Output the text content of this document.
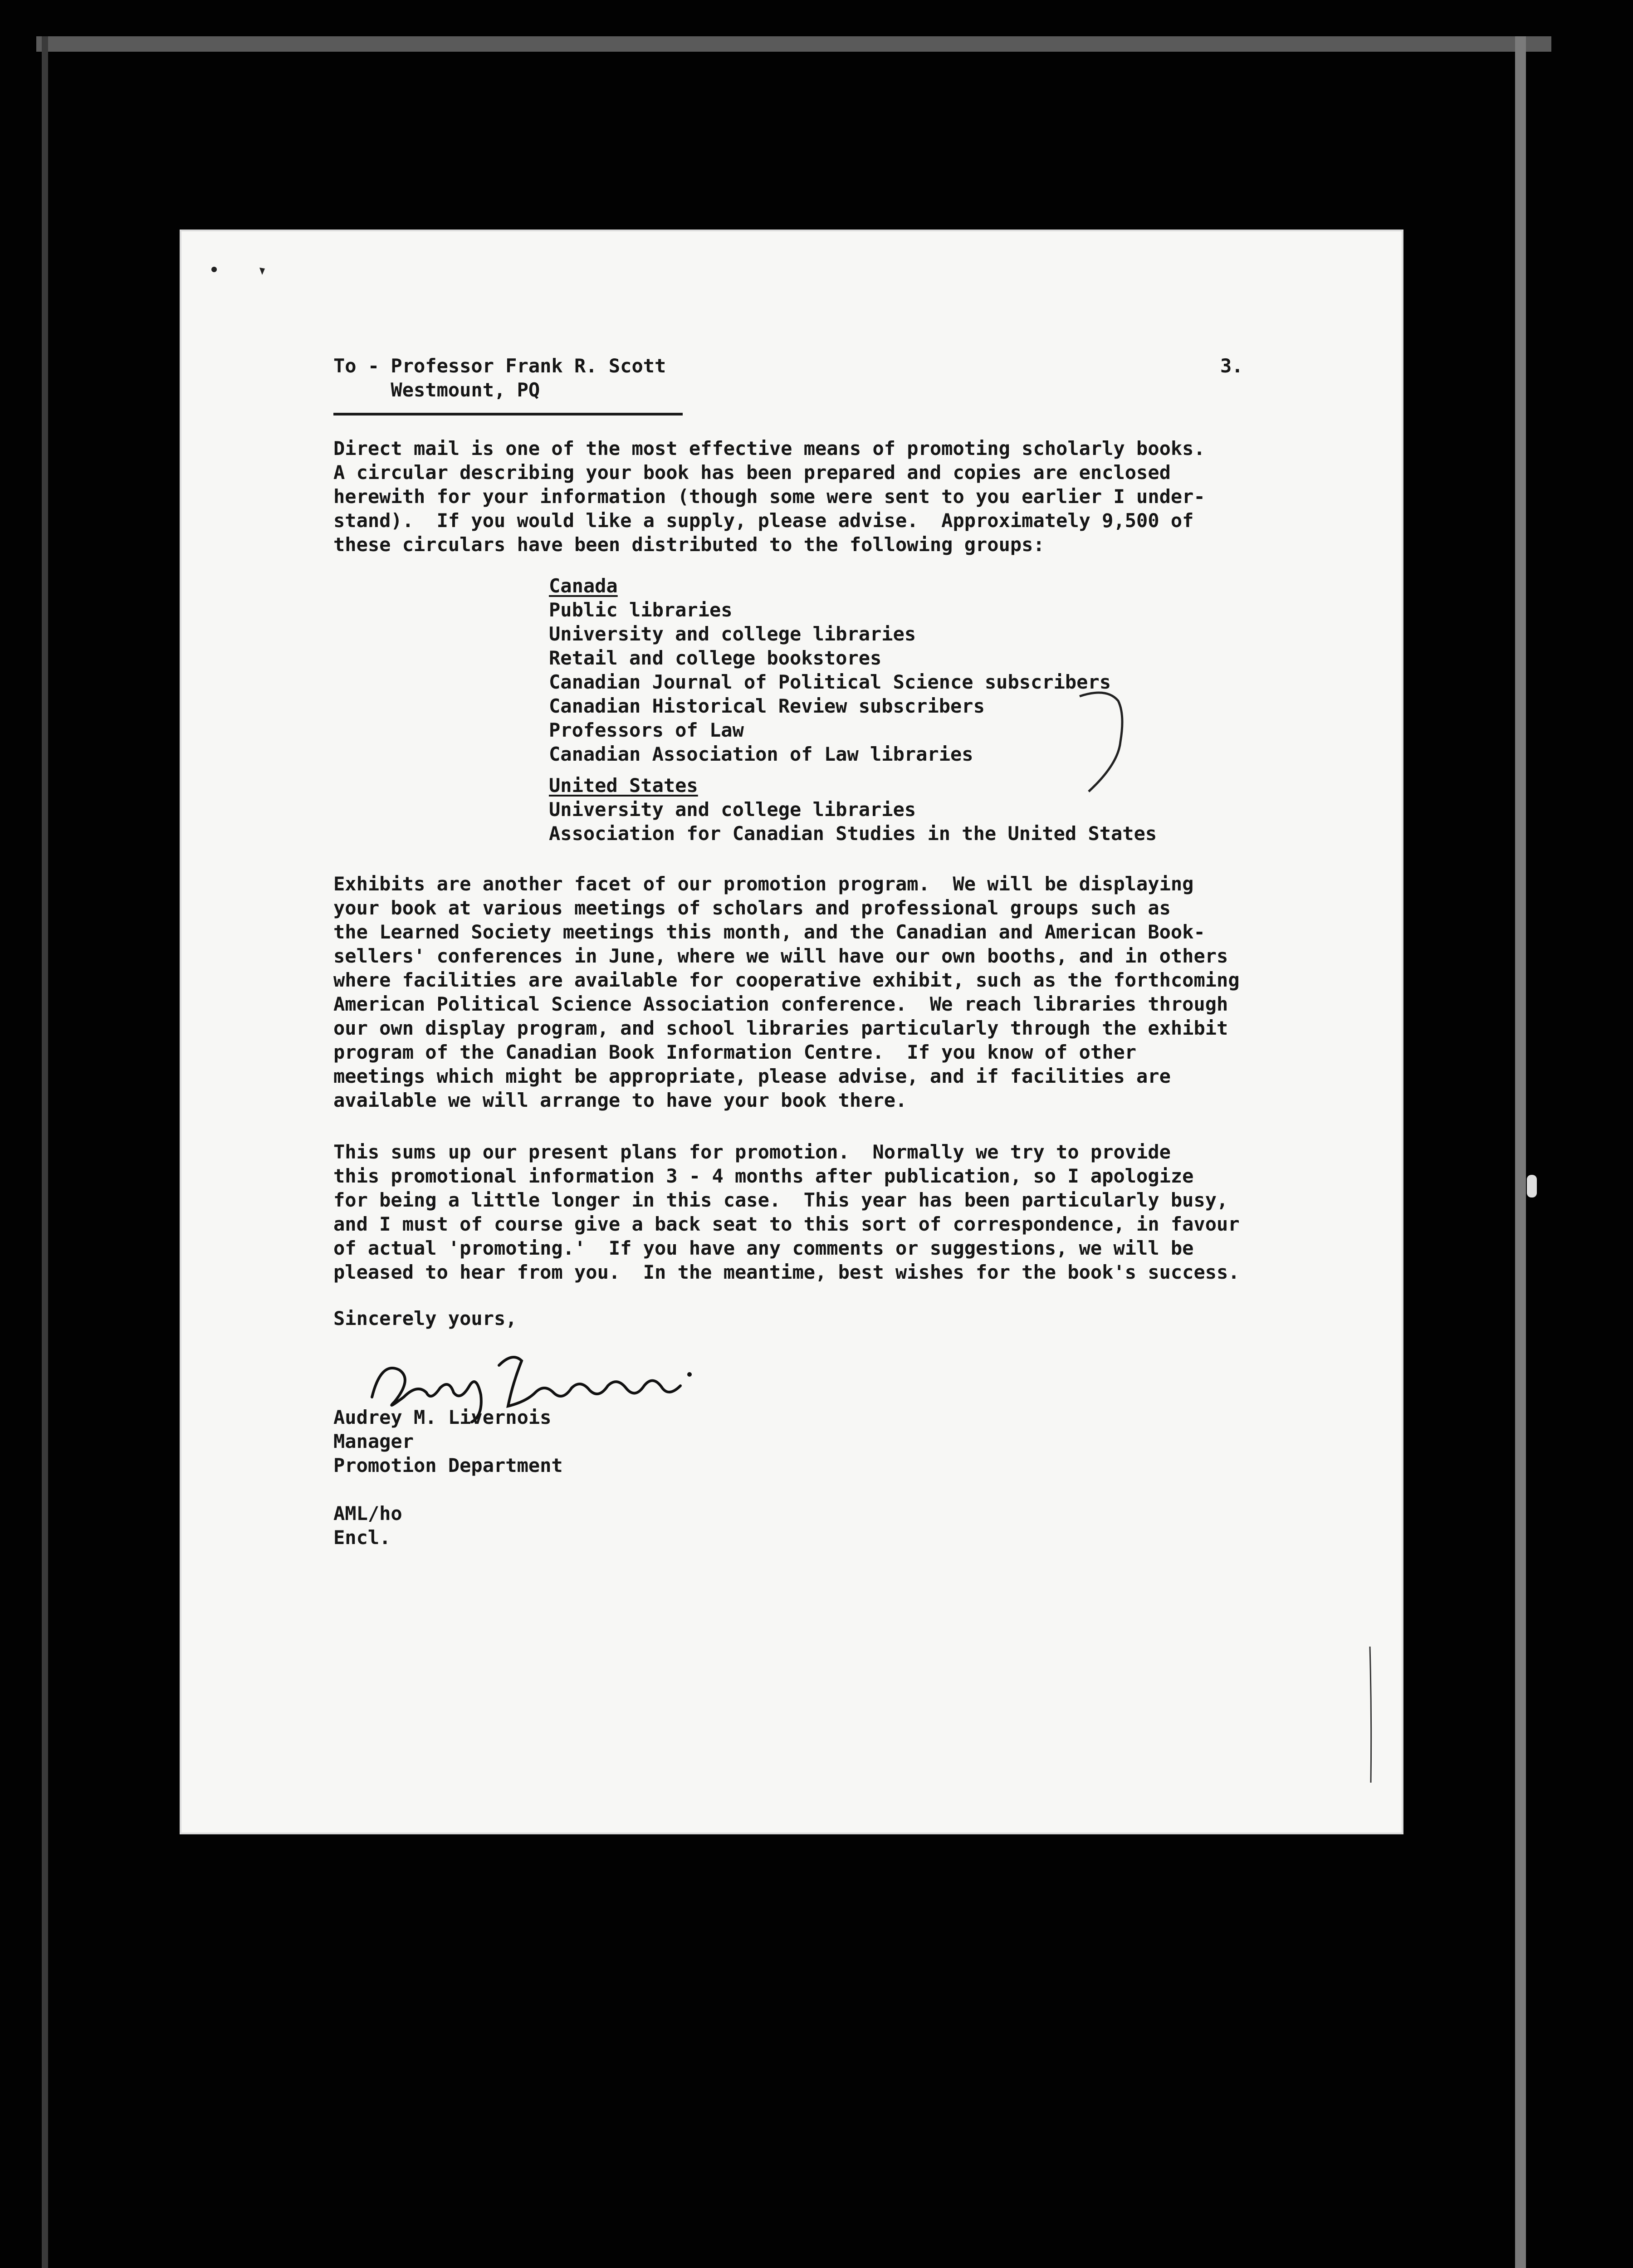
To - Professor Frank R. Scott
Westmount, PQ
3.
Direct mail is one of the most effective means of promoting scholarly books.
A circular describing your book has been prepared and copies are enclosed
herewith for your information (though some were sent to you earlier I under-
stand).  If you would like a supply, please advise.  Approximately 9,500 of
these circulars have been distributed to the following groups:
Canada
Public libraries
University and college libraries
Retail and college bookstores
Canadian Journal of Political Science subscribers
Canadian Historical Review subscribers
Professors of Law
Canadian Association of Law libraries
United States
University and college libraries
Association for Canadian Studies in the United States
Exhibits are another facet of our promotion program.  We will be displaying
your book at various meetings of scholars and professional groups such as
the Learned Society meetings this month, and the Canadian and American Book-
sellers' conferences in June, where we will have our own booths, and in others
where facilities are available for cooperative exhibit, such as the forthcoming
American Political Science Association conference.  We reach libraries through
our own display program, and school libraries particularly through the exhibit
program of the Canadian Book Information Centre.  If you know of other
meetings which might be appropriate, please advise, and if facilities are
available we will arrange to have your book there.
This sums up our present plans for promotion.  Normally we try to provide
this promotional information 3 - 4 months after publication, so I apologize
for being a little longer in this case.  This year has been particularly busy,
and I must of course give a back seat to this sort of correspondence, in favour
of actual 'promoting.'  If you have any comments or suggestions, we will be
pleased to hear from you.  In the meantime, best wishes for the book's success.
Sincerely yours,
Audrey Livernois
Audrey M. Livernois
Manager
Promotion Department
AML/ho
Encl.
